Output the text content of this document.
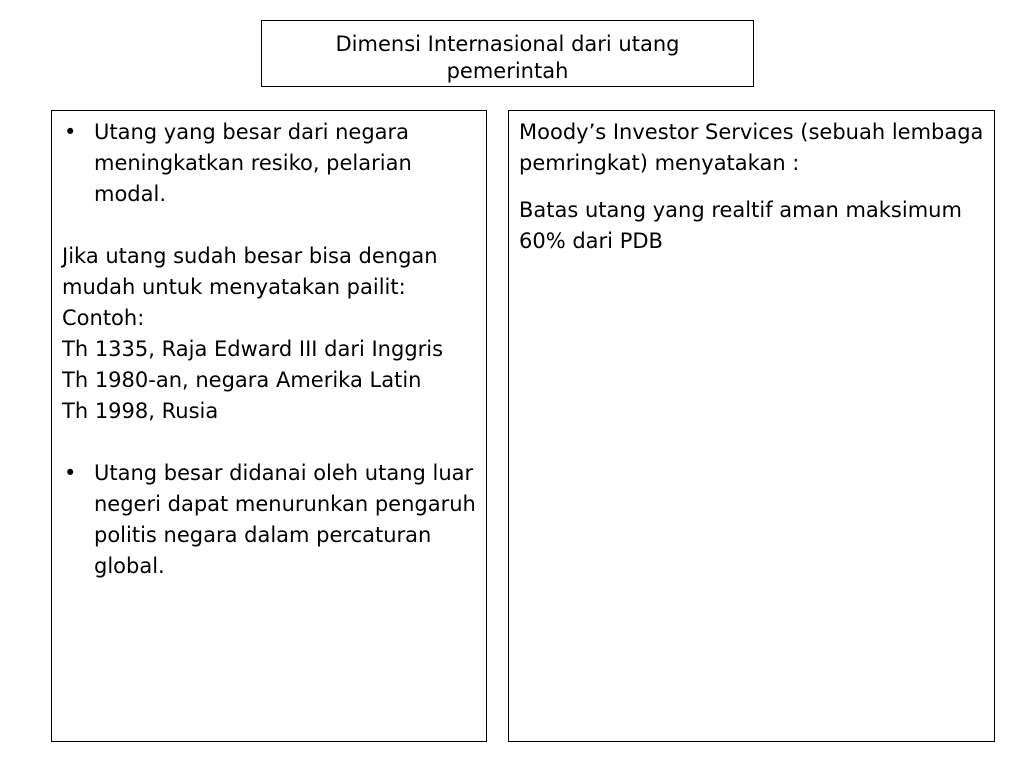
Dimensi Internasional dari utang
pemerintah
• Utang yang besar dari negara meningkatkan resiko, pelarian modal.

Jika utang sudah besar bisa dengan mudah untuk menyatakan pailit:

Contoh:

Th 1335, Raja Edward III dari Inggris

Th 1980-an, negara Amerika Latin

Th 1998, Rusia

• Utang besar didanai oleh utang luar negeri dapat menurunkan pengaruh politis negara dalam percaturan global.

Moody’s Investor Services (sebuah lembaga pemringkat) menyatakan :

Batas utang yang realtif aman maksimum 60% dari PDB
